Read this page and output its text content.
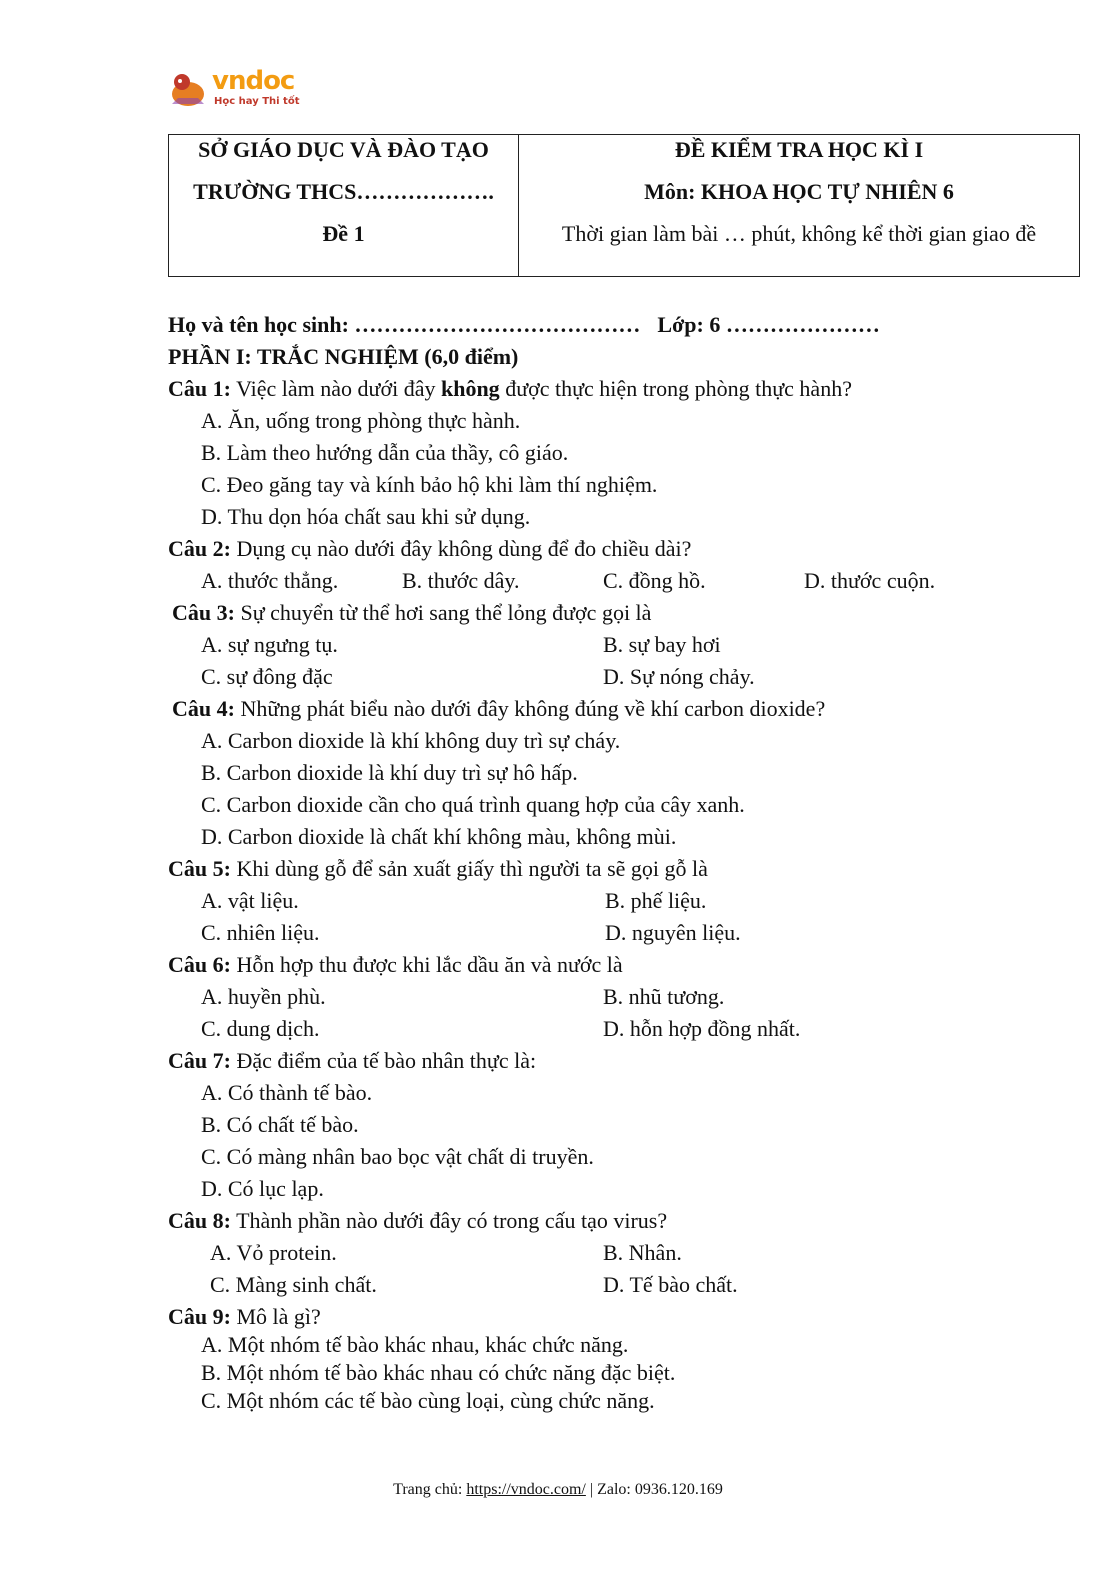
vndoc
Học hay Thi tốt
SỞ GIÁO DỤC VÀ ĐÀO TẠO
TRƯỜNG THCS……………….
Đề 1
ĐỀ KIỂM TRA HỌC KÌ I
Môn: KHOA HỌC TỰ NHIÊN 6
Thời gian làm bài … phút, không kể thời gian giao đề
Họ và tên học sinh: ………………………………… Lớp: 6 …………………
PHẦN I: TRẮC NGHIỆM (6,0 điểm)
Câu 1: Việc làm nào dưới đây không được thực hiện trong phòng thực hành?
A. Ăn, uống trong phòng thực hành.
B. Làm theo hướng dẫn của thầy, cô giáo.
C. Đeo găng tay và kính bảo hộ khi làm thí nghiệm.
D. Thu dọn hóa chất sau khi sử dụng.
Câu 2: Dụng cụ nào dưới đây không dùng để đo chiều dài?
A. thước thẳng.	B. thước dây.	C. đồng hồ.	D. thước cuộn.
Câu 3: Sự chuyển từ thể hơi sang thể lỏng được gọi là
A. sự ngưng tụ.	B. sự bay hơi
C. sự đông đặc	D. Sự nóng chảy.
Câu 4: Những phát biểu nào dưới đây không đúng về khí carbon dioxide?
A. Carbon dioxide là khí không duy trì sự cháy.
B. Carbon dioxide là khí duy trì sự hô hấp.
C. Carbon dioxide cần cho quá trình quang hợp của cây xanh.
D. Carbon dioxide là chất khí không màu, không mùi.
Câu 5: Khi dùng gỗ để sản xuất giấy thì người ta sẽ gọi gỗ là
A. vật liệu.	B. phế liệu.
C. nhiên liệu.	D. nguyên liệu.
Câu 6: Hỗn hợp thu được khi lắc dầu ăn và nước là
A. huyền phù.	B. nhũ tương.
C. dung dịch.	D. hỗn hợp đồng nhất.
Câu 7: Đặc điểm của tế bào nhân thực là:
A. Có thành tế bào.
B. Có chất tế bào.
C. Có màng nhân bao bọc vật chất di truyền.
D. Có lục lạp.
Câu 8: Thành phần nào dưới đây có trong cấu tạo virus?
A. Vỏ protein.	B. Nhân.
C. Màng sinh chất.	D. Tế bào chất.
Câu 9: Mô là gì?
A. Một nhóm tế bào khác nhau, khác chức năng.
B. Một nhóm tế bào khác nhau có chức năng đặc biệt.
C. Một nhóm các tế bào cùng loại, cùng chức năng.
Trang chủ: https://vndoc.com/ | Zalo: 0936.120.169
